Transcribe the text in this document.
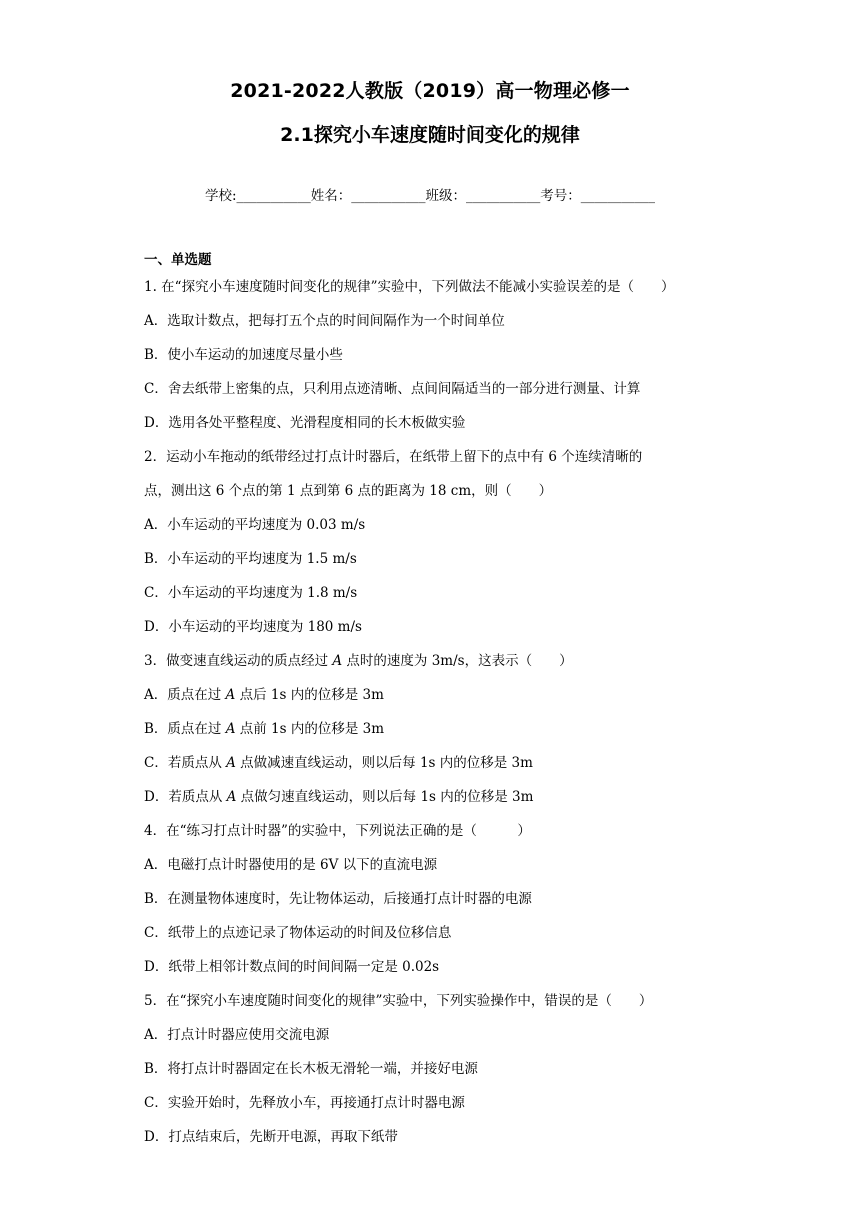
2021-2022人教版（2019）高一物理必修一
2.1探究小车速度随时间变化的规律
学校:___________姓名：___________班级：___________考号：___________
一、单选题
1. 在“探究小车速度随时间变化的规律”实验中，下列做法不能减小实验误差的是（　　）
A．选取计数点，把每打五个点的时间间隔作为一个时间单位
B．使小车运动的加速度尽量小些
C．舍去纸带上密集的点，只利用点迹清晰、点间间隔适当的一部分进行测量、计算
D．选用各处平整程度、光滑程度相同的长木板做实验
2．运动小车拖动的纸带经过打点计时器后，在纸带上留下的点中有 6 个连续清晰的
点，测出这 6 个点的第 1 点到第 6 点的距离为 18 cm，则（　　）
A．小车运动的平均速度为 0.03 m/s
B．小车运动的平均速度为 1.5 m/s
C．小车运动的平均速度为 1.8 m/s
D．小车运动的平均速度为 180 m/s
3．做变速直线运动的质点经过 A 点时的速度为 3m/s，这表示（　　）
A．质点在过 A 点后 1s 内的位移是 3m
B．质点在过 A 点前 1s 内的位移是 3m
C．若质点从 A 点做减速直线运动，则以后每 1s 内的位移是 3m
D．若质点从 A 点做匀速直线运动，则以后每 1s 内的位移是 3m
4．在“练习打点计时器”的实验中，下列说法正确的是（　　　）
A．电磁打点计时器使用的是 6V 以下的直流电源
B．在测量物体速度时，先让物体运动，后接通打点计时器的电源
C．纸带上的点迹记录了物体运动的时间及位移信息
D．纸带上相邻计数点间的时间间隔一定是 0.02s
5．在“探究小车速度随时间变化的规律”实验中，下列实验操作中，错误的是（　　）
A．打点计时器应使用交流电源
B．将打点计时器固定在长木板无滑轮一端，并接好电源
C．实验开始时，先释放小车，再接通打点计时器电源
D．打点结束后，先断开电源，再取下纸带
